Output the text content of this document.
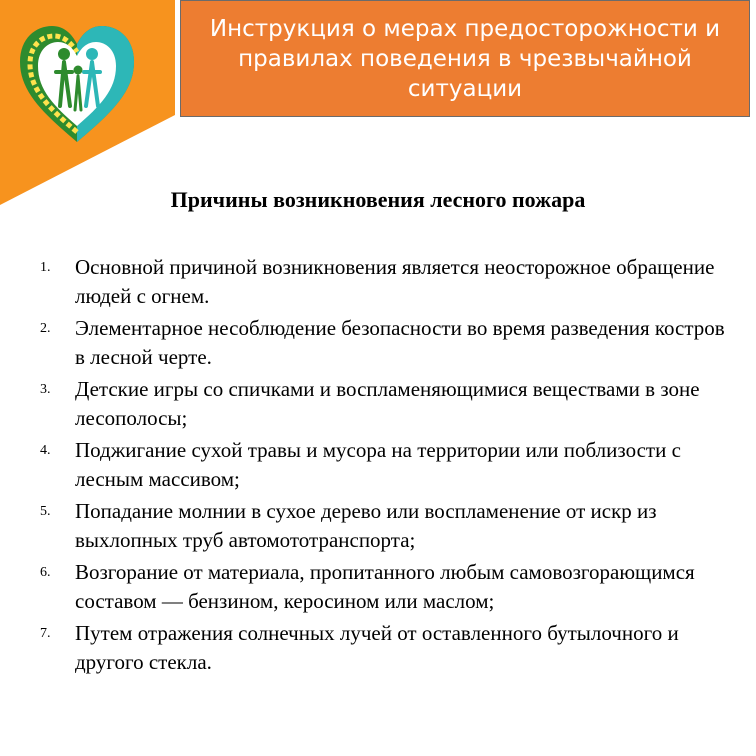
Инструкция о мерах предосторожности и правилах поведения в чрезвычайной ситуации
Причины возникновения лесного пожара
1.	Основной причиной возникновения является неосторожное обращение людей с огнем.
2.	Элементарное несоблюдение безопасности во время разведения костров в лесной черте.
3.	Детские игры со спичками и воспламеняющимися веществами в зоне лесополосы;
4.	Поджигание сухой травы и мусора на территории или поблизости с лесным массивом;
5.	Попадание молнии в сухое дерево или воспламенение от искр из выхлопных труб автомототранспорта;
6.	Возгорание от материала, пропитанного любым самовозгорающимся составом — бензином, керосином или маслом;
7.	Путем отражения солнечных лучей от оставленного бутылочного и другого стекла.
